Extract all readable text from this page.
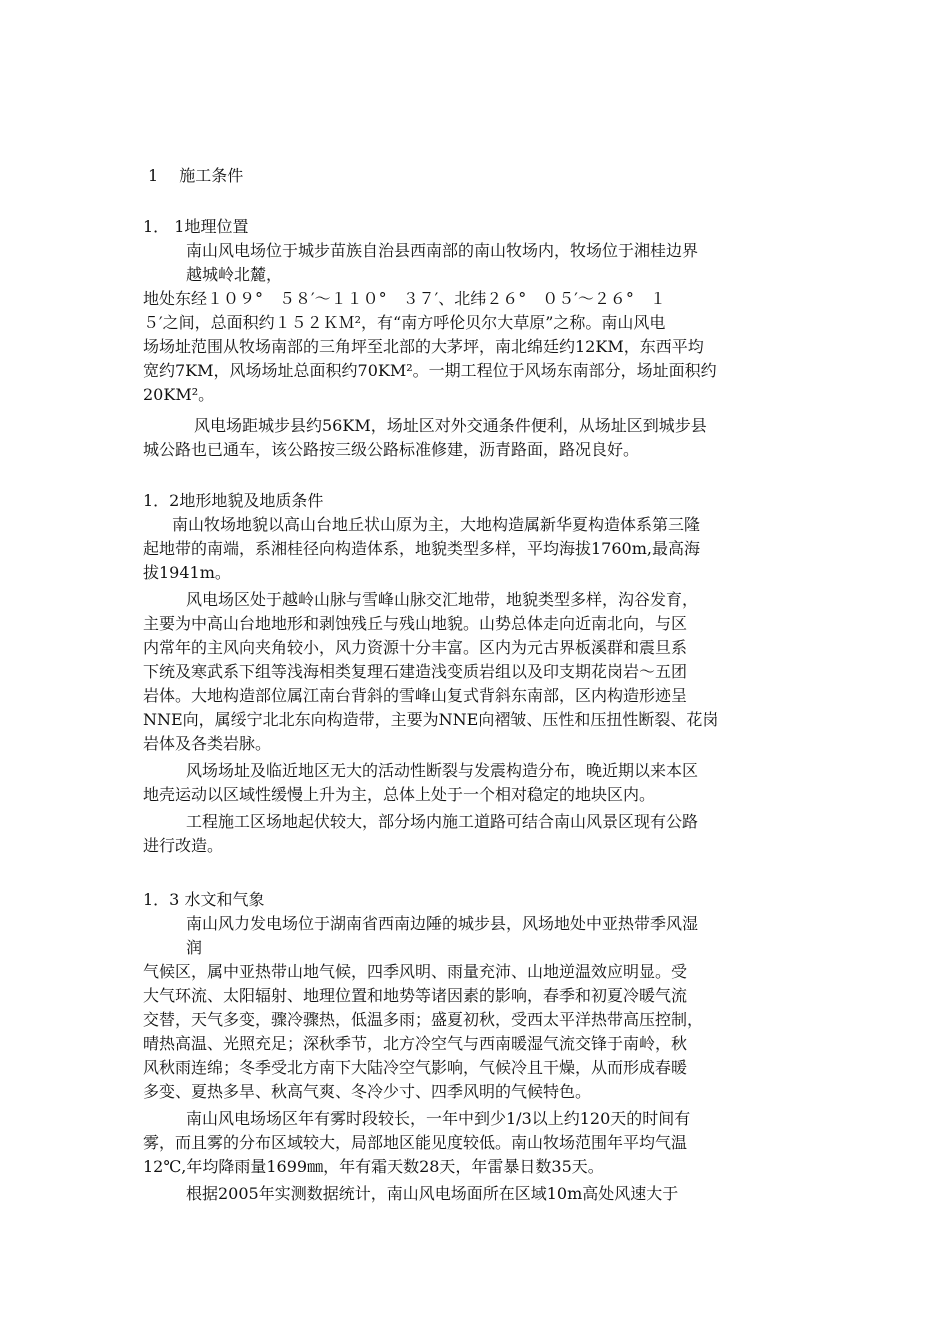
1　 施工条件
1． 1地理位置
南山风电场位于城步苗族自治县西南部的南山牧场内，牧场位于湘桂边界
越城岭北麓，
地处东经１０９°　５８′～１１０°　３７′、北纬２６°　０５′～２６°　１
５′之间，总面积约１５２ＫＭ²，有“南方呼伦贝尔大草原”之称。南山风电
场场址范围从牧场南部的三角坪至北部的大茅坪，南北绵廷约12KM，东西平均
宽约7KM，风场场址总面积约70KM²。一期工程位于风场东南部分，场址面积约
20KM²。
风电场距城步县约56KM，场址区对外交通条件便利，从场址区到城步县
城公路也已通车，该公路按三级公路标准修建，沥青路面，路况良好。
1．2地形地貌及地质条件
南山牧场地貌以高山台地丘状山原为主，大地构造属新华夏构造体系第三隆
起地带的南端，系湘桂径向构造体系，地貌类型多样，平均海拔1760m,最高海
拔1941m。
风电场区处于越岭山脉与雪峰山脉交汇地带，地貌类型多样，沟谷发育，
主要为中高山台地地形和剥蚀残丘与残山地貌。山势总体走向近南北向，与区
内常年的主风向夹角较小，风力资源十分丰富。区内为元古界板溪群和震旦系
下统及寒武系下组等浅海相类复理石建造浅变质岩组以及印支期花岗岩～五团
岩体。大地构造部位属江南台背斜的雪峰山复式背斜东南部，区内构造形迹呈
NNE向，属绥宁北北东向构造带，主要为NNE向褶皱、压性和压扭性断裂、花岗
岩体及各类岩脉。
风场场址及临近地区无大的活动性断裂与发震构造分布，晚近期以来本区
地壳运动以区域性缓慢上升为主，总体上处于一个相对稳定的地块区内。
工程施工区场地起伏较大，部分场内施工道路可结合南山风景区现有公路
进行改造。
1．3 水文和气象
南山风力发电场位于湖南省西南边陲的城步县，风场地处中亚热带季风湿
润
气候区，属中亚热带山地气候，四季风明、雨量充沛、山地逆温效应明显。受
大气环流、太阳辐射、地理位置和地势等诸因素的影响，春季和初夏冷暖气流
交替，天气多变，骤冷骤热，低温多雨；盛夏初秋，受西太平洋热带高压控制，
晴热高温、光照充足；深秋季节，北方冷空气与西南暖湿气流交锋于南岭，秋
风秋雨连绵；冬季受北方南下大陆冷空气影响，气候冷且干燥，从而形成春暖
多变、夏热多旱、秋高气爽、冬冷少寸、四季风明的气候特色。
南山风电场场区年有雾时段较长，一年中到少1/3以上约120天的时间有
雾，而且雾的分布区域较大，局部地区能见度较低。南山牧场范围年平均气温
12℃,年均降雨量1699㎜，年有霜天数28天，年雷暴日数35天。
根据2005年实测数据统计，南山风电场面所在区域10m高处风速大于
